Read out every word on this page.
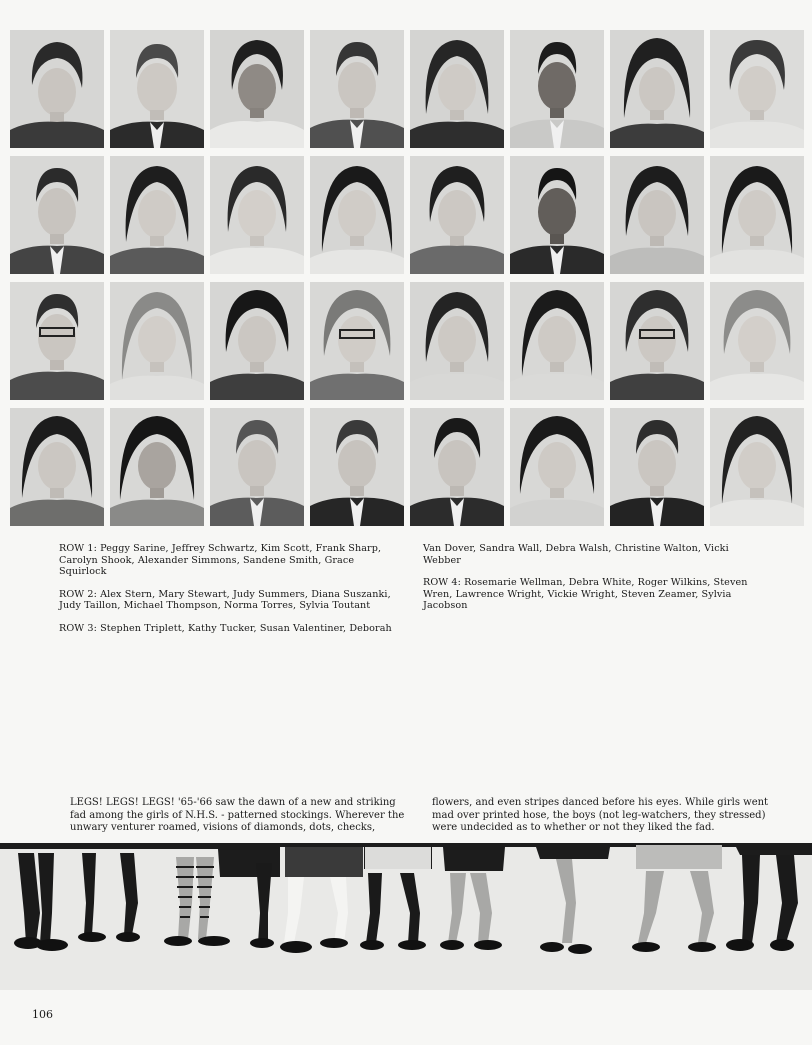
ROW 1: Peggy Sarine, Jeffrey Schwartz, Kim Scott, Frank Sharp, Carolyn Shook, Alexander Simmons, Sandene Smith, Grace Squirlock

ROW 2: Alex Stern, Mary Stewart, Judy Summers, Diana Suszanki, Judy Taillon, Michael Thompson, Norma Torres, Sylvia Toutant

ROW 3: Stephen Triplett, Kathy Tucker, Susan Valentiner, Deborah

Van Dover, Sandra Wall, Debra Walsh, Christine Walton, Vicki Webber

ROW 4: Rosemarie Wellman, Debra White, Roger Wilkins, Steven Wren, Lawrence Wright, Vickie Wright, Steven Zeamer, Sylvia Jacobson

LEGS! LEGS! LEGS! '65-'66 saw the dawn of a new and striking fad among the girls of N.H.S. - patterned stockings. Wherever the unwary venturer roamed, visions of diamonds, dots, checks,
flowers, and even stripes danced before his eyes. While girls went mad over printed hose, the boys (not leg-watchers, they stressed) were undecided as to whether or not they liked the fad.
106
